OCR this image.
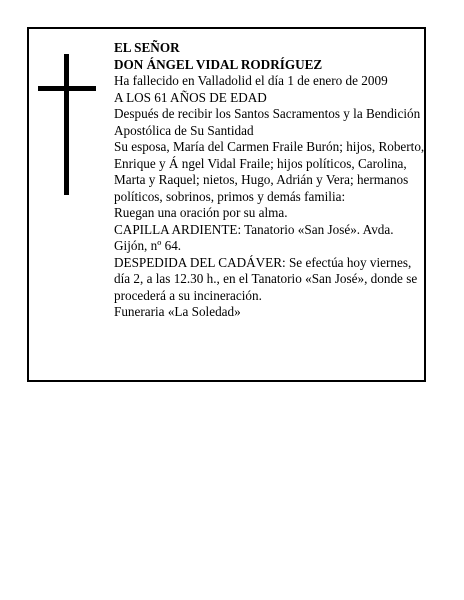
EL SEÑOR

DON ÁNGEL VIDAL RODRÍGUEZ

Ha fallecido en Valladolid el día 1 de enero de 2009

A LOS 61 AÑOS DE EDAD

Después de recibir los Santos Sacramentos y la Bendición Apostólica de Su Santidad

Su esposa, María del Carmen Fraile Burón; hijos, Roberto, Enrique y Á ngel Vidal Fraile; hijos políticos, Carolina, Marta y Raquel; nietos, Hugo, Adrián y Vera; hermanos políticos, sobrinos, primos y demás familia:

Ruegan una oración por su alma.

CAPILLA ARDIENTE: Tanatorio «San José». Avda. Gijón, nº 64.

DESPEDIDA DEL CADÁVER: Se efectúa hoy viernes, día 2, a las 12.30 h., en el Tanatorio «San José», donde se procederá a su incineración.

Funeraria «La Soledad»
